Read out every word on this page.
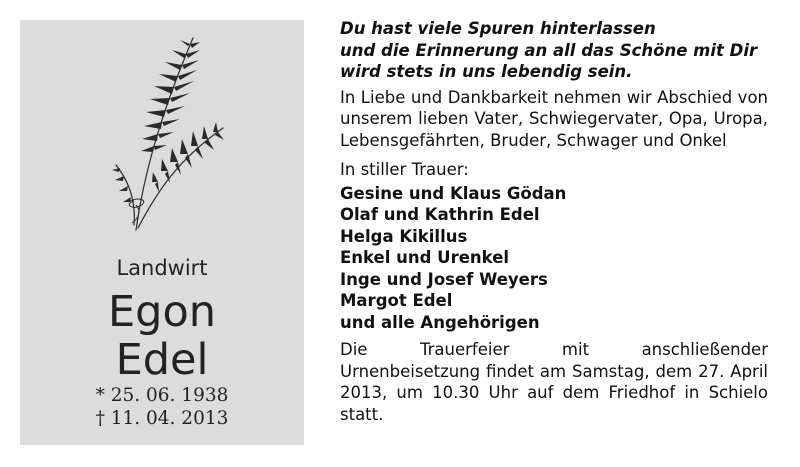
Landwirt
Egon
Edel
* 25. 06. 1938
† 11. 04. 2013

Du hast viele Spuren hinterlassen
und die Erinnerung an all das Schöne mit Dir
wird stets in uns lebendig sein.

In Liebe und Dankbarkeit nehmen wir Abschied von unserem lieben Vater, Schwiegervater, Opa, Uropa, Lebensgefährten, Bruder, Schwager und Onkel

In stiller Trauer:

Gesine und Klaus Gödan
Olaf und Kathrin Edel
Helga Kikillus
Enkel und Urenkel
Inge und Josef Weyers
Margot Edel
und alle Angehörigen

Die Trauerfeier mit anschließender Urnenbeisetzung findet am Samstag, dem 27. April 2013, um 10.30 Uhr auf dem Friedhof in Schielo statt.
